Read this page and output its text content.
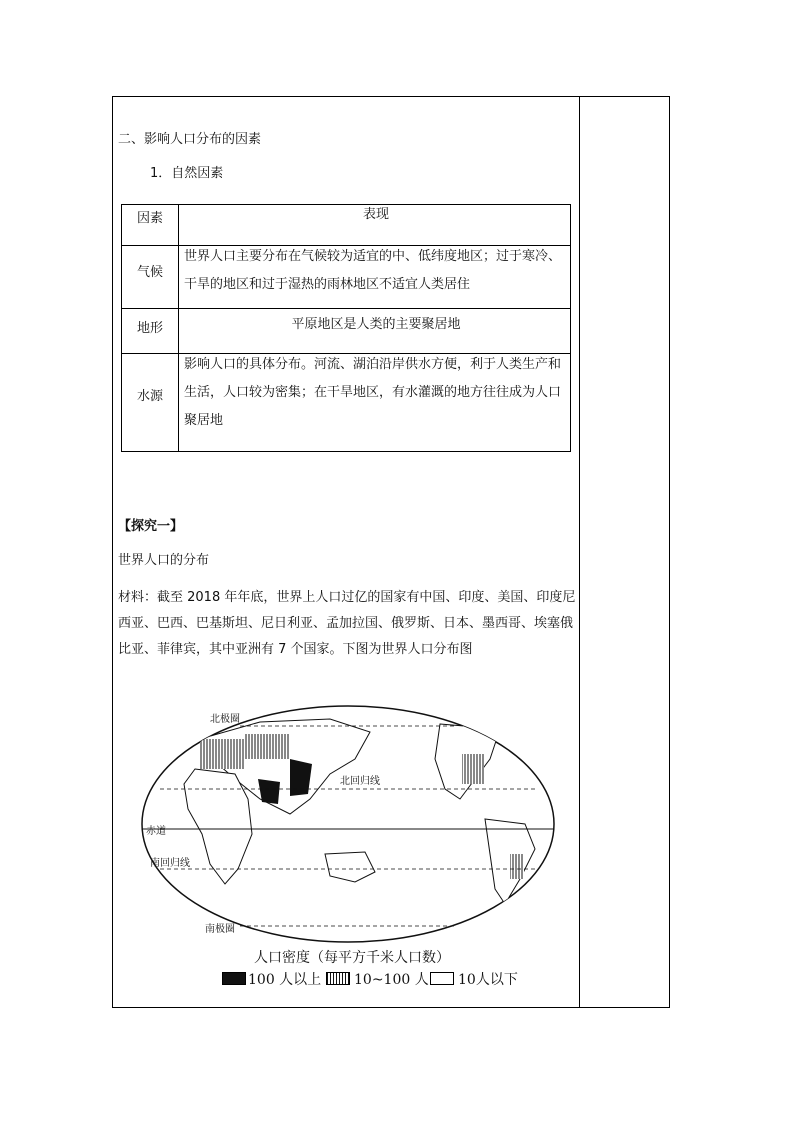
二、影响人口分布的因素
1．自然因素
因素	表现
气候
世界人口主要分布在气候较为适宜的中、低纬度地区；过于寒冷、干旱的地区和过于湿热的雨林地区不适宜人类居住
地形	平原地区是人类的主要聚居地
水源
影响人口的具体分布。河流、湖泊沿岸供水方便，利于人类生产和生活，人口较为密集；在干旱地区，有水灌溉的地方往往成为人口聚居地
【探究一】
世界人口的分布
材料：截至 2018 年年底，世界上人口过亿的国家有中国、印度、美国、印度尼西亚、巴西、巴基斯坦、尼日利亚、孟加拉国、俄罗斯、日本、墨西哥、埃塞俄比亚、菲律宾，其中亚洲有 7 个国家。下图为世界人口分布图
北极圈
北回归线
赤道
南回归线
南极圈
人口密度（每平方千米人口数）
100 人以上 10~100 人 10人以下
